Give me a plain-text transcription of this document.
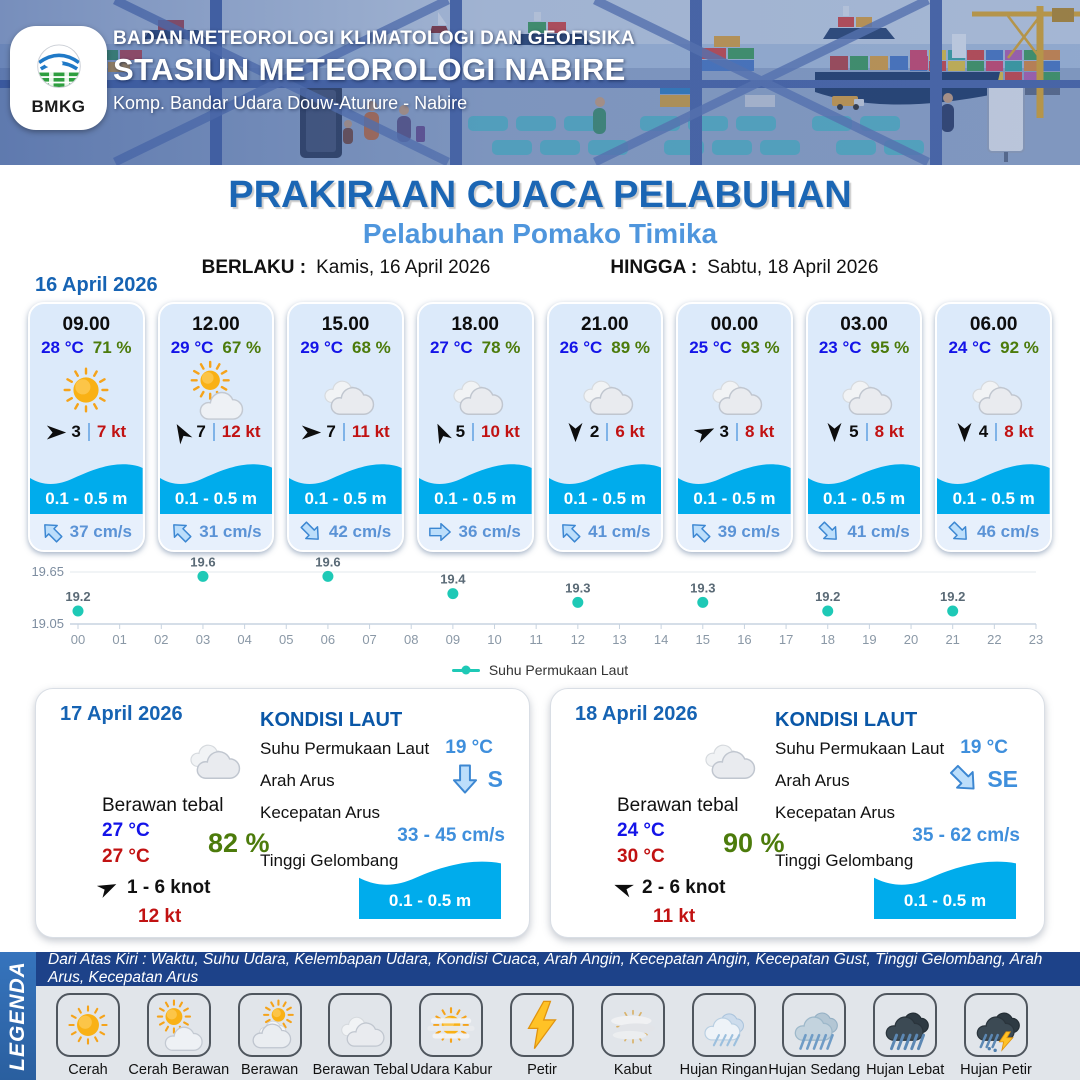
BMKG
BADAN METEOROLOGI KLIMATOLOGI DAN GEOFISIKA
STASIUN METEOROLOGI NABIRE
Komp. Bandar Udara Douw-Aturure - Nabire
PRAKIRAAN CUACA PELABUHAN
Pelabuhan Pomako Timika
BERLAKU : Kamis, 16 April 2026	HINGGA : Sabtu, 18 April 2026
16 April 2026
09.00
28 °C 71 %
3 7 kt
0.1 - 0.5 m
37 cm/s
12.00
29 °C 67 %
7 12 kt
0.1 - 0.5 m
31 cm/s
15.00
29 °C 68 %
7 11 kt
0.1 - 0.5 m
42 cm/s
18.00
27 °C 78 %
5 10 kt
0.1 - 0.5 m
36 cm/s
21.00
26 °C 89 %
2 6 kt
0.1 - 0.5 m
41 cm/s
00.00
25 °C 93 %
3 8 kt
0.1 - 0.5 m
39 cm/s
03.00
23 °C 95 %
5 8 kt
0.1 - 0.5 m
41 cm/s
06.00
24 °C 92 %
4 8 kt
0.1 - 0.5 m
46 cm/s
19.65
19.05
00 01 02 03 04 05 06 07 08 09 10 11 12 13 14 15 16 17 18 19 20 21 22 23
19.2
19.6	19.6
19.4
19.3	19.3
19.2	19.2
Suhu Permukaan Laut
17 April 2026
Berawan tebal
27 °C
27 °C 82 %
1 - 6 knot
12 kt
KONDISI LAUT
Suhu Permukaan Laut 19 °C
Arah Arus	S
Kecepatan Arus
33 - 45 cm/s
Tinggi Gelombang
0.1 - 0.5 m
18 April 2026
Berawan tebal
24 °C
30 °C 90 %
2 - 6 knot
11 kt
KONDISI LAUT
Suhu Permukaan Laut 19 °C
Arah Arus	SE
Kecepatan Arus
35 - 62 cm/s
Tinggi Gelombang
0.1 - 0.5 m
LEGENDA
Dari Atas Kiri : Waktu, Suhu Udara, Kelembapan Udara, Kondisi Cuaca, Arah Angin, Kecepatan Angin, Kecepatan Gust, Tinggi Gelombang, Arah Arus, Kecepatan Arus
Cerah Cerah Berawan Berawan Berawan Tebal Udara Kabur Petir	Kabut Hujan Ringan Hujan Sedang Hujan Lebat Hujan Petir
